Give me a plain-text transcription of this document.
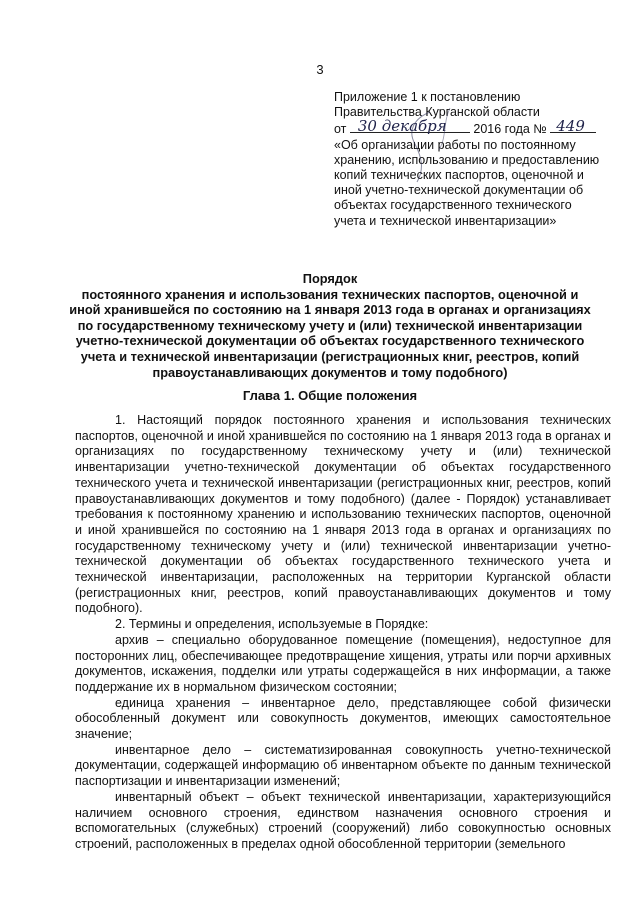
3
Приложение 1 к постановлению
Правительства Курганской области
от 30 декабря 2016 года № 449
«Об организации работы по постоянному
хранению, использованию и предоставлению
копий технических паспортов, оценочной и
иной учетно-технической документации об
объектах государственного технического
учета и технической инвентаризации»
Порядок
постоянного хранения и использования технических паспортов, оценочной и
иной хранившейся по состоянию на 1 января 2013 года в органах и организациях
по государственному техническому учету и (или) технической инвентаризации
учетно-технической документации об объектах государственного технического
учета и технической инвентаризации (регистрационных книг, реестров, копий
правоустанавливающих документов и тому подобного)
Глава 1. Общие положения

1. Настоящий порядок постоянного хранения и использования технических паспортов, оценочной и иной хранившейся по состоянию на 1 января 2013 года в органах и организациях по государственному техническому учету и (или) технической инвентаризации учетно-технической документации об объектах государственного технического учета и технической инвентаризации (регистрационных книг, реестров, копий правоустанавливающих документов и тому подобного) (далее - Порядок) устанавливает требования к постоянному хранению и использованию технических паспортов, оценочной и иной хранившейся по состоянию на 1 января 2013 года в органах и организациях по государственному техническому учету и (или) технической инвентаризации учетно-технической документации об объектах государственного технического учета и технической инвентаризации, расположенных на территории Курганской области (регистрационных книг, реестров, копий правоустанавливающих документов и тому подобного).

2. Термины и определения, используемые в Порядке:

архив – специально оборудованное помещение (помещения), недоступное для посторонних лиц, обеспечивающее предотвращение хищения, утраты или порчи архивных документов, искажения, подделки или утраты содержащейся в них информации, а также поддержание их в нормальном физическом состоянии;

единица хранения – инвентарное дело, представляющее собой физически обособленный документ или совокупность документов, имеющих самостоятельное значение;

инвентарное дело – систематизированная совокупность учетно-технической документации, содержащей информацию об инвентарном объекте по данным технической паспортизации и инвентаризации изменений;

инвентарный объект – объект технической инвентаризации, характеризующийся наличием основного строения, единством назначения основного строения и вспомогательных (служебных) строений (сооружений) либо совокупностью основных строений, расположенных в пределах одной обособленной территории (земельного
